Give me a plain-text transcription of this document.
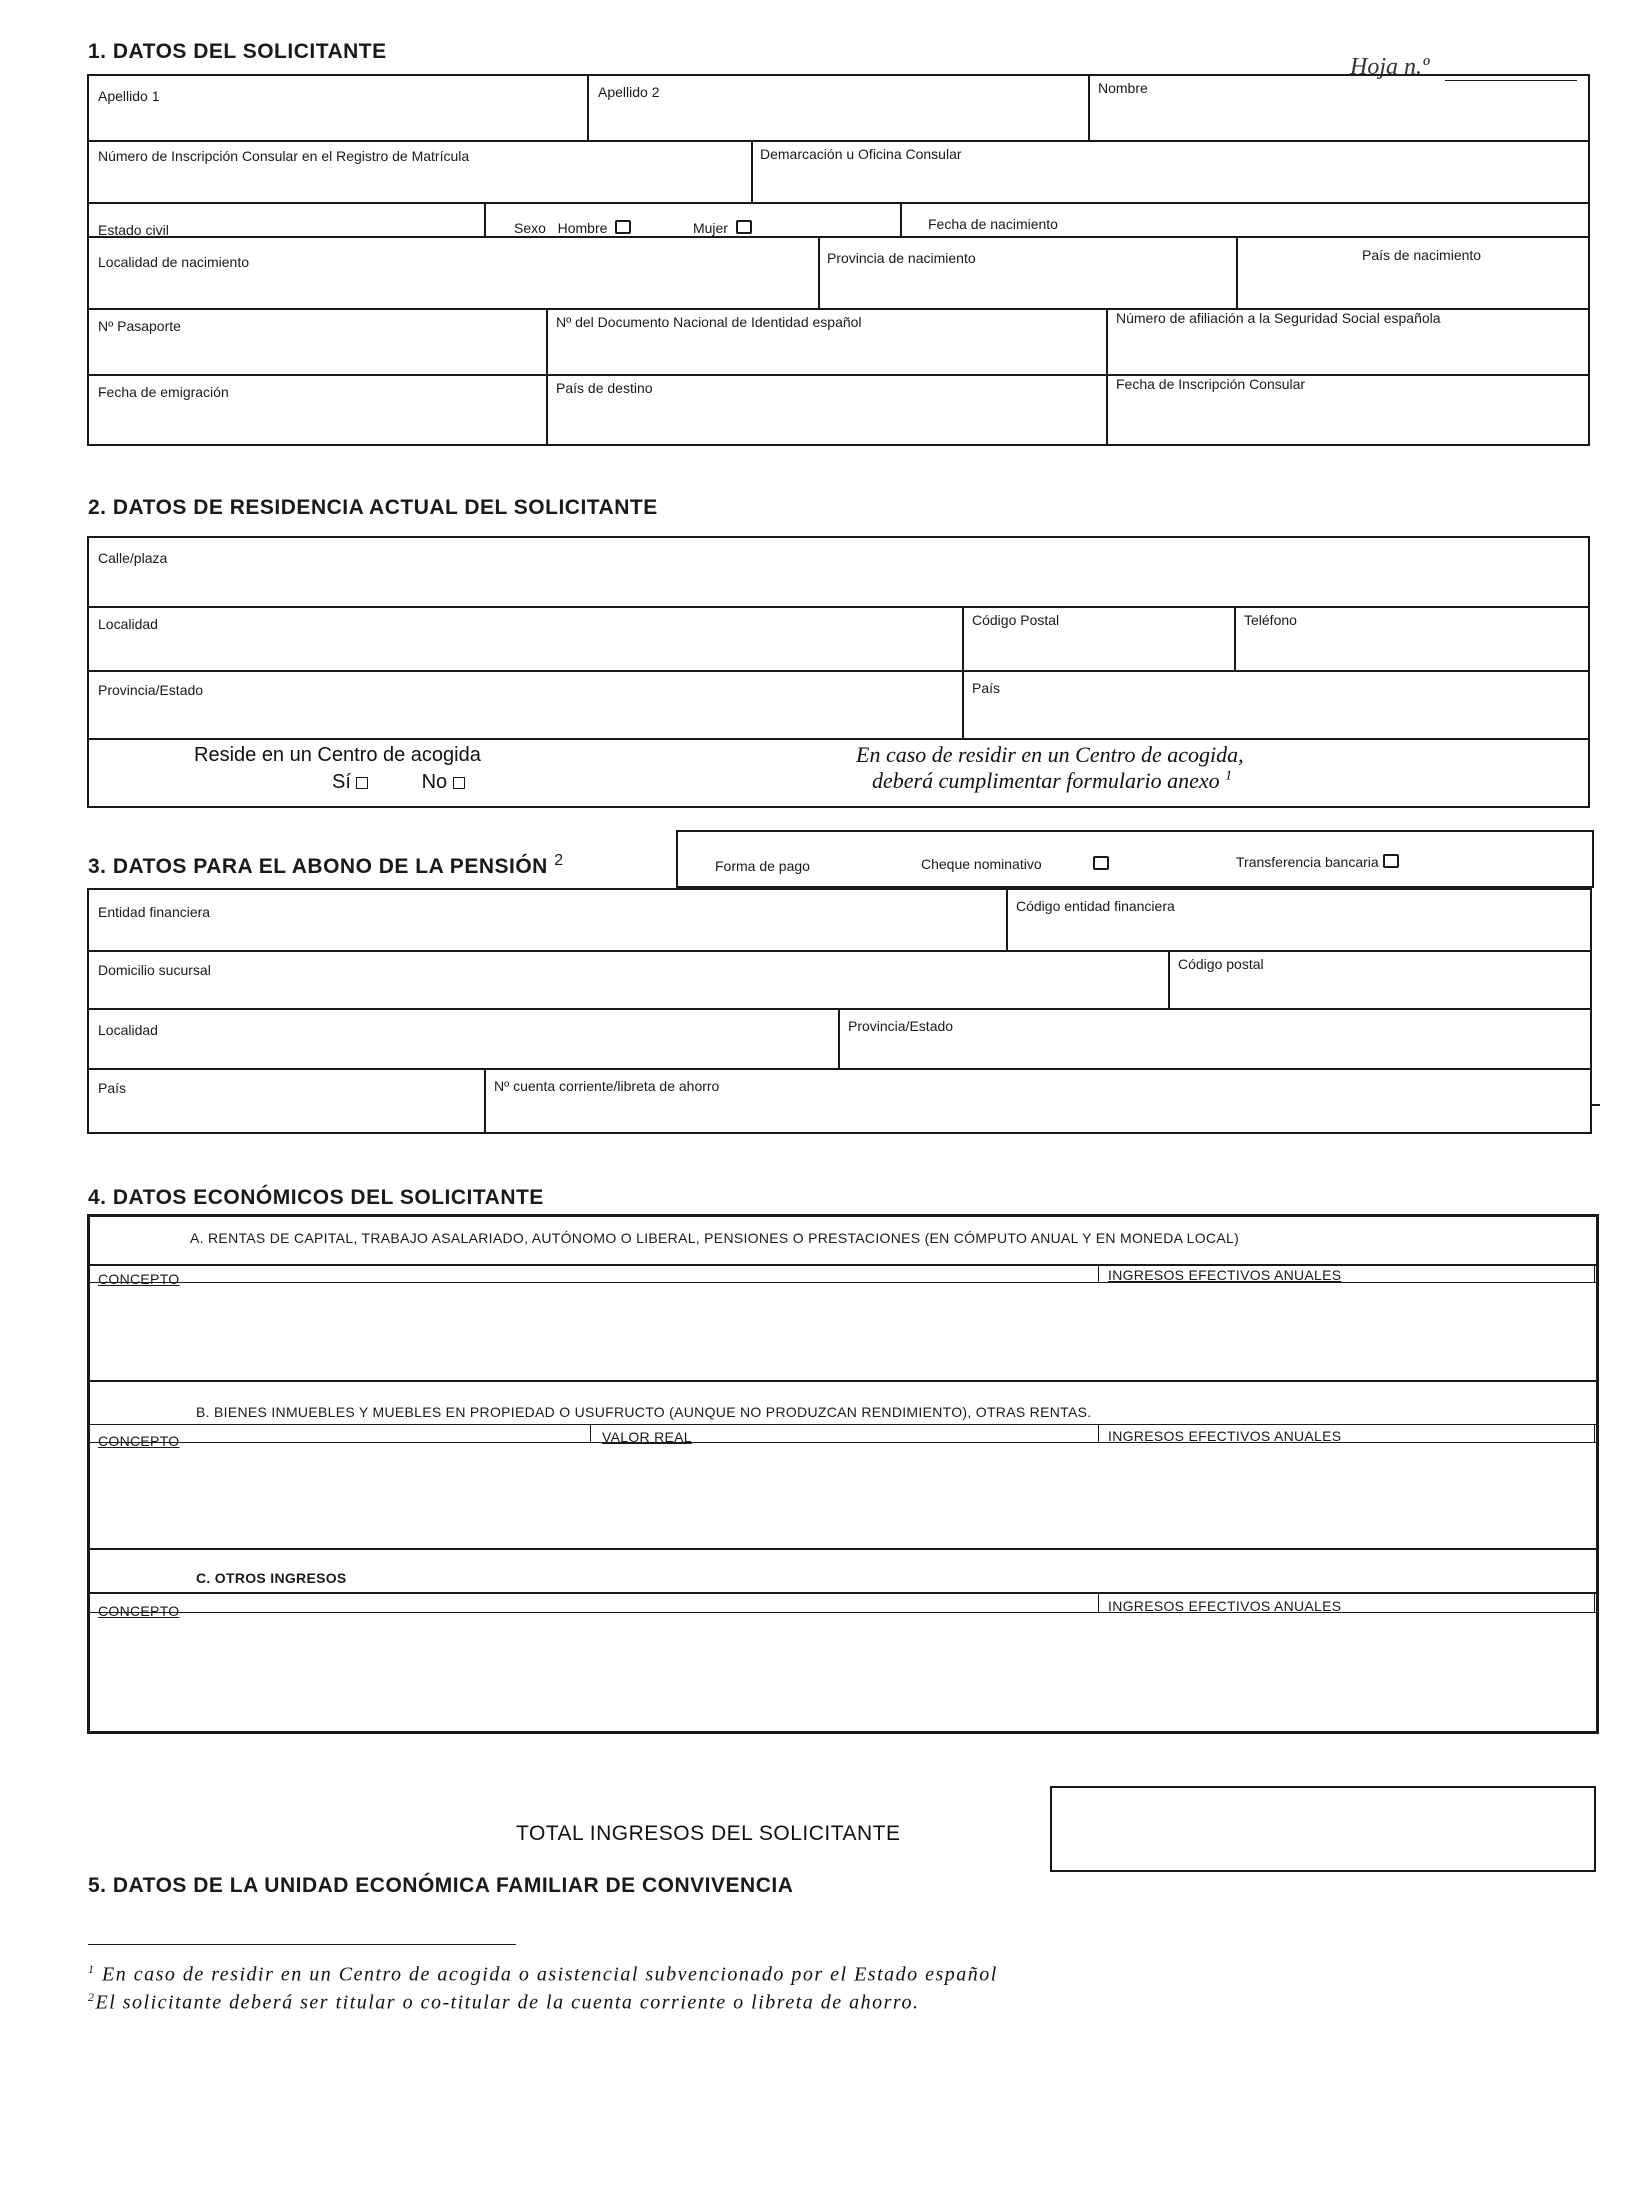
Hoja n.º
1. DATOS DEL SOLICITANTE
Apellido 1	Apellido 2	Nombre
Número de Inscripción Consular en el Registro de Matrícula	Demarcación u Oficina Consular
Estado civil	Sexo Hombre	Mujer	Fecha de nacimiento
Localidad de nacimiento	Provincia de nacimiento	País de nacimiento
Nº Pasaporte	Nº del Documento Nacional de Identidad español	Número de afiliación a la Seguridad Social española
Fecha de emigración	País de destino	Fecha de Inscripción Consular
2. DATOS DE RESIDENCIA ACTUAL DEL SOLICITANTE
Calle/plaza
Localidad	Código Postal	Teléfono
Provincia/Estado	País
Reside en un Centro de acogida
Sí	No
En caso de residir en un Centro de acogida,
deberá cumplimentar formulario anexo $^1$
3. DATOS PARA EL ABONO DE LA PENSIÓN $^2$	Forma de pago	Cheque nominativo	Transferencia bancaria
Entidad financiera	Código entidad financiera
Domicilio sucursal	Código postal
Localidad	Provincia/Estado
País	Nº cuenta corriente/libreta de ahorro
4. DATOS ECONÓMICOS DEL SOLICITANTE
A. RENTAS DE CAPITAL, TRABAJO ASALARIADO, AUTÓNOMO O LIBERAL, PENSIONES O PRESTACIONES (EN CÓMPUTO ANUAL Y EN MONEDA LOCAL)
CONCEPTO	INGRESOS EFECTIVOS ANUALES
B. BIENES INMUEBLES Y MUEBLES EN PROPIEDAD O USUFRUCTO (AUNQUE NO PRODUZCAN RENDIMIENTO), OTRAS RENTAS.
CONCEPTO	VALOR REAL	INGRESOS EFECTIVOS ANUALES
C. OTROS INGRESOS
CONCEPTO	INGRESOS EFECTIVOS ANUALES
TOTAL INGRESOS DEL SOLICITANTE
5. DATOS DE LA UNIDAD ECONÓMICA FAMILIAR DE CONVIVENCIA
$^1$ En caso de residir en un Centro de acogida o asistencial subvencionado por el Estado español
$^2$El solicitante deberá ser titular o co-titular de la cuenta corriente o libreta de ahorro.
